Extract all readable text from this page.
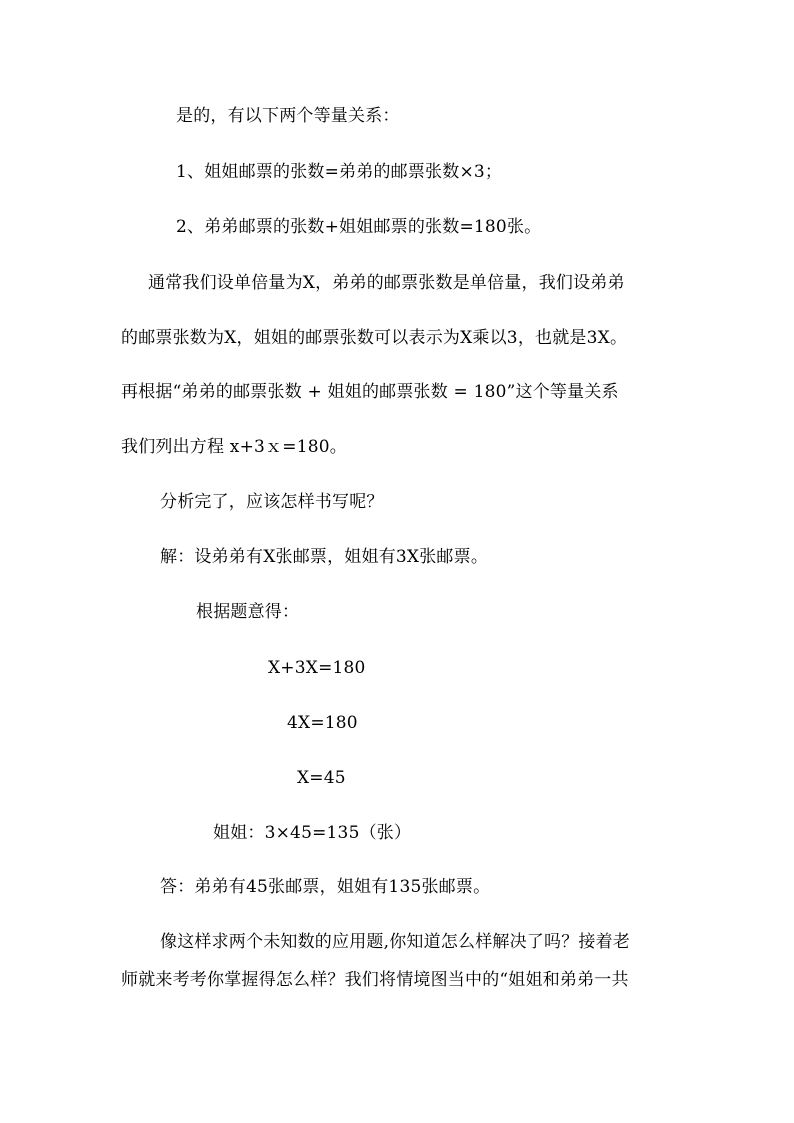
是的，有以下两个等量关系：
1、姐姐邮票的张数=弟弟的邮票张数×3；
2、弟弟邮票的张数+姐姐邮票的张数=180张。
通常我们设单倍量为X，弟弟的邮票张数是单倍量，我们设弟弟
的邮票张数为X，姐姐的邮票张数可以表示为X乘以3，也就是3X。
再根据“弟弟的邮票张数 + 姐姐的邮票张数 = 180”这个等量关系
我们列出方程 x+3ｘ=180。
分析完了，应该怎样书写呢？
解：设弟弟有X张邮票，姐姐有3X张邮票。
根据题意得：
X+3X=180
4X=180
X=45
姐姐：3×45=135（张）
答：弟弟有45张邮票，姐姐有135张邮票。
像这样求两个未知数的应用题,你知道怎么样解决了吗？接着老
师就来考考你掌握得怎么样？我们将情境图当中的“姐姐和弟弟一共
